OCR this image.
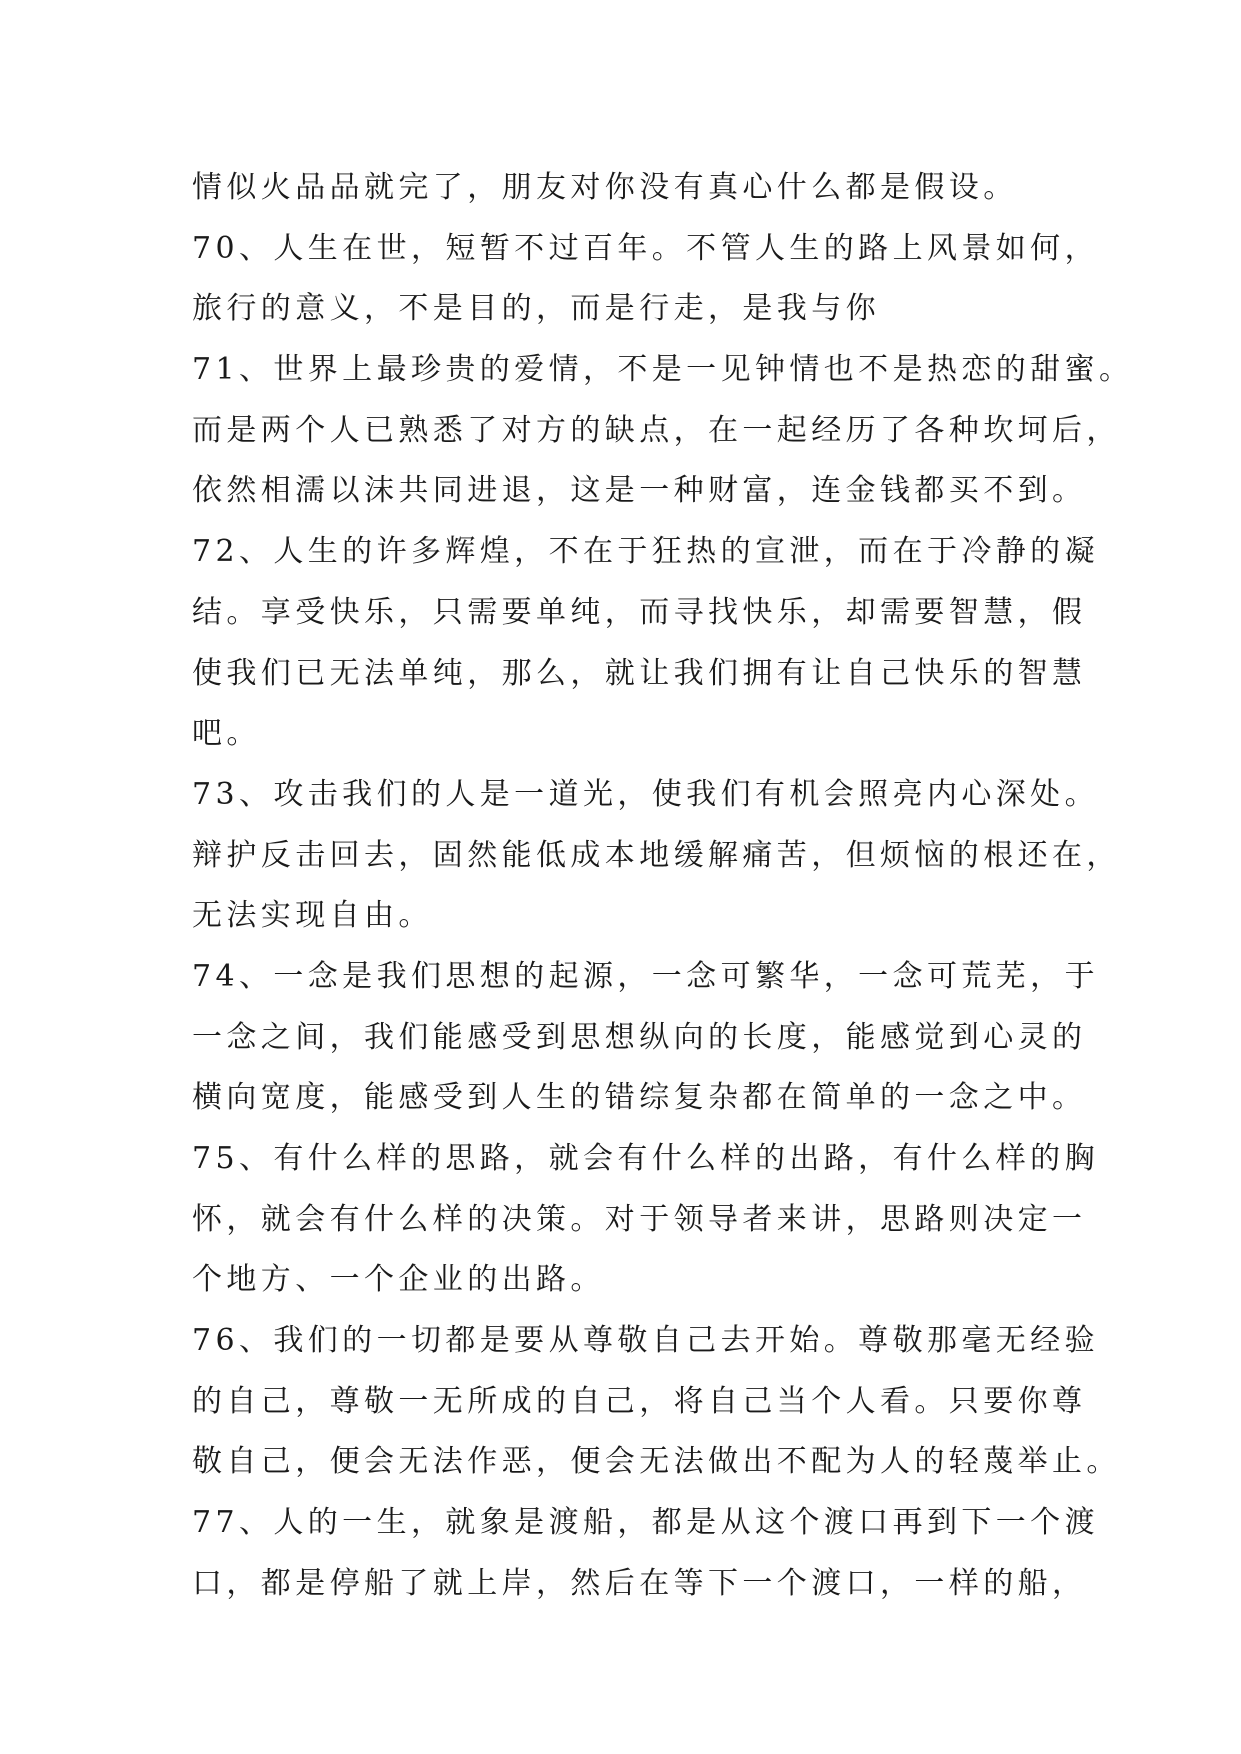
情似火品品就完了，朋友对你没有真心什么都是假设。
70、人生在世，短暂不过百年。不管人生的路上风景如何，
旅行的意义，不是目的，而是行走，是我与你
71、世界上最珍贵的爱情，不是一见钟情也不是热恋的甜蜜。
而是两个人已熟悉了对方的缺点，在一起经历了各种坎坷后，
依然相濡以沫共同进退，这是一种财富，连金钱都买不到。
72、人生的许多辉煌，不在于狂热的宣泄，而在于冷静的凝
结。享受快乐，只需要单纯，而寻找快乐，却需要智慧，假
使我们已无法单纯，那么，就让我们拥有让自己快乐的智慧
吧。
73、攻击我们的人是一道光，使我们有机会照亮内心深处。
辩护反击回去，固然能低成本地缓解痛苦，但烦恼的根还在，
无法实现自由。
74、一念是我们思想的起源，一念可繁华，一念可荒芜，于
一念之间，我们能感受到思想纵向的长度，能感觉到心灵的
横向宽度，能感受到人生的错综复杂都在简单的一念之中。
75、有什么样的思路，就会有什么样的出路，有什么样的胸
怀，就会有什么样的决策。对于领导者来讲，思路则决定一
个地方、一个企业的出路。
76、我们的一切都是要从尊敬自己去开始。尊敬那毫无经验
的自己，尊敬一无所成的自己，将自己当个人看。只要你尊
敬自己，便会无法作恶，便会无法做出不配为人的轻蔑举止。
77、人的一生，就象是渡船，都是从这个渡口再到下一个渡
口，都是停船了就上岸，然后在等下一个渡口，一样的船，
